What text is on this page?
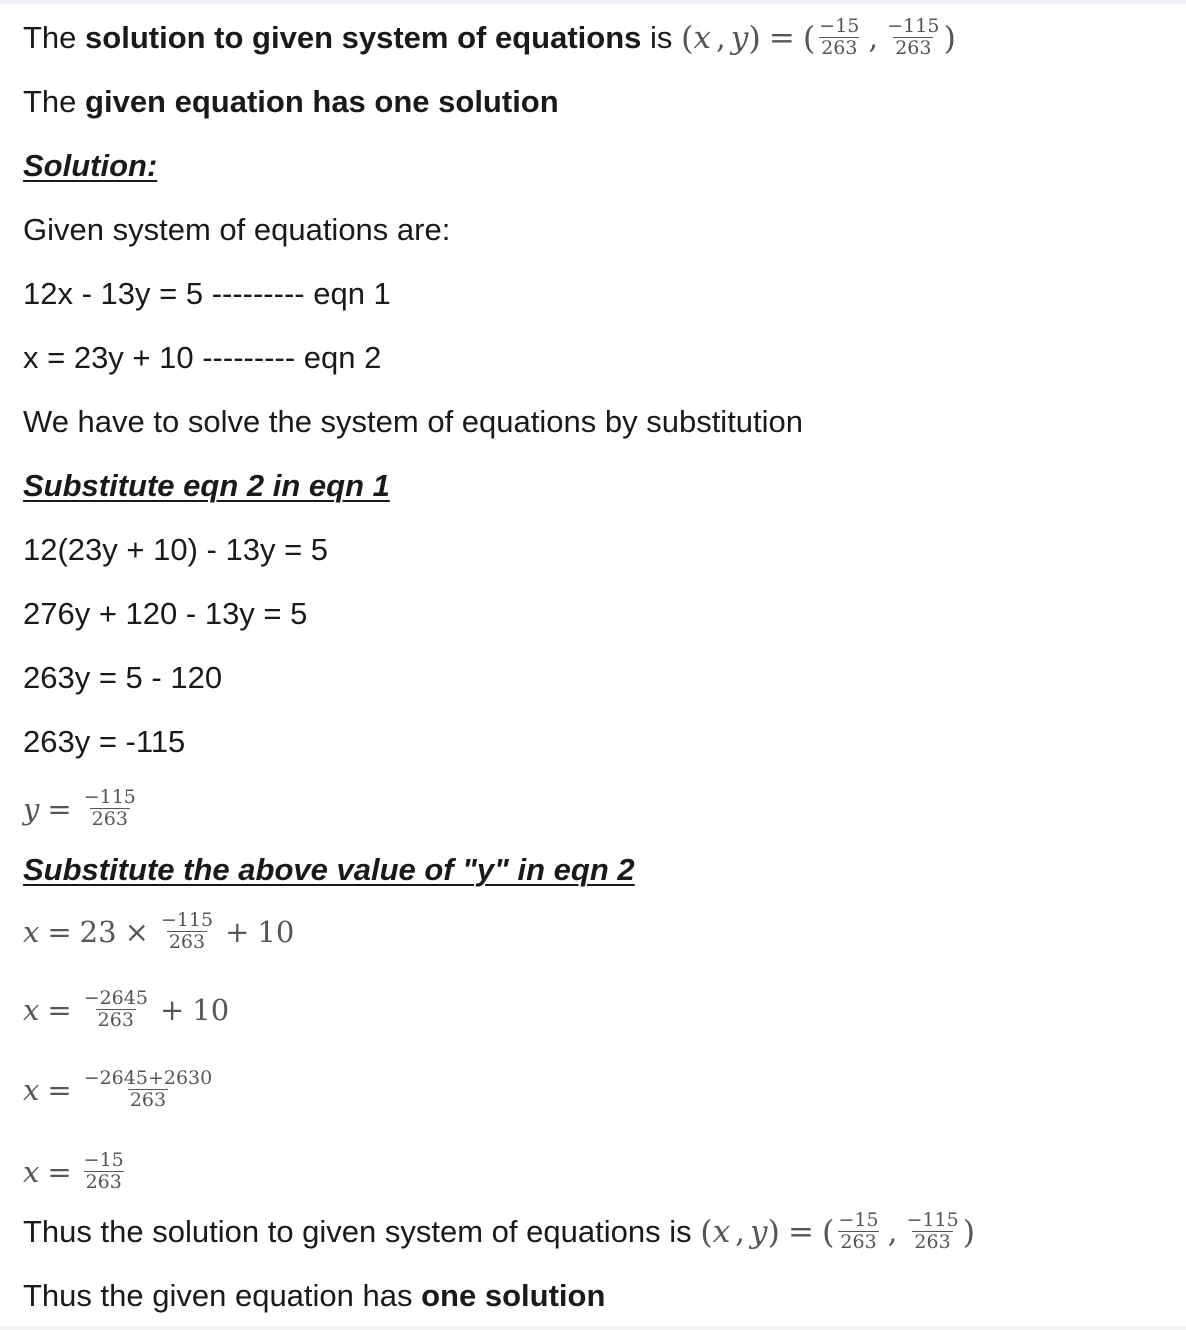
The solution to given system of equations is ( x , y ) = ( $\frac{-15}{263}$ , $\frac{-115}{263}$ )
The given equation has one solution
Solution:
Given system of equations are:
12x - 13y = 5 --------- eqn 1
x = 23y + 10 --------- eqn 2
We have to solve the system of equations by substitution
Substitute eqn 2 in eqn 1
12(23y + 10) - 13y = 5
276y + 120 - 13y = 5
263y = 5 - 120
263y = -115
$y = \frac{-115}{263}$
Substitute the above value of "y" in eqn 2
$x = 23 \times \frac{-115}{263} + 10$
$x = \frac{-2645}{263} + 10$
$x = \frac{-2645+2630}{263}$
$x = \frac{-15}{263}$
Thus the solution to given system of equations is ( x , y ) = ( $\frac{-15}{263}$ , $\frac{-115}{263}$ )
Thus the given equation has one solution
